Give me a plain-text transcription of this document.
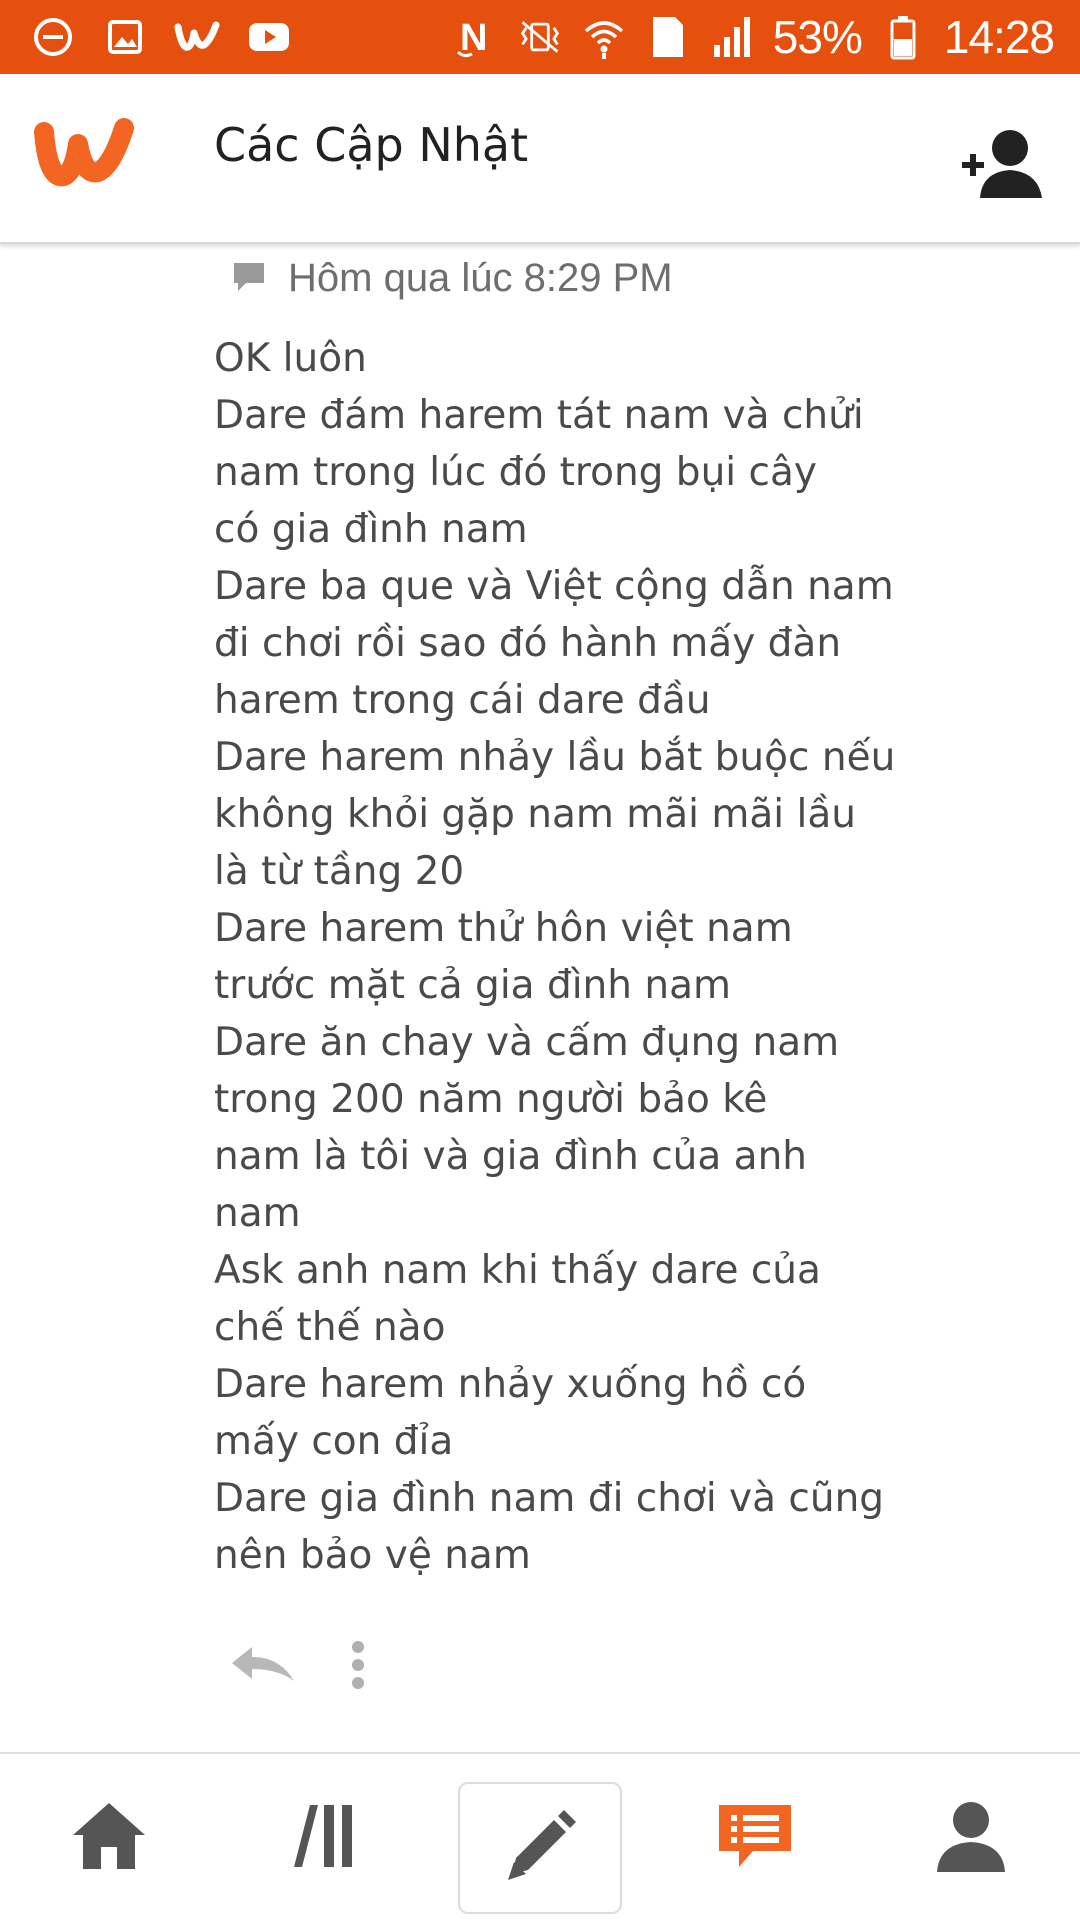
N	53% 14:28
Các Cập Nhật
Hôm qua lúc 8:29 PM
OK luôn
Dare đám harem tát nam và chửi
nam trong lúc đó trong bụi cây
có gia đình nam
Dare ba que và Việt cộng dẫn nam
đi chơi rồi sao đó hành mấy đàn
harem trong cái dare đầu
Dare harem nhảy lầu bắt buộc nếu
không khỏi gặp nam mãi mãi lầu
là từ tầng 20
Dare harem thử hôn việt nam
trước mặt cả gia đình nam
Dare ăn chay và cấm đụng nam
trong 200 năm người bảo kê
nam là tôi và gia đình của anh
nam
Ask anh nam khi thấy dare của
chế thế nào
Dare harem nhảy xuống hồ có
mấy con đỉa
Dare gia đình nam đi chơi và cũng
nên bảo vệ nam
